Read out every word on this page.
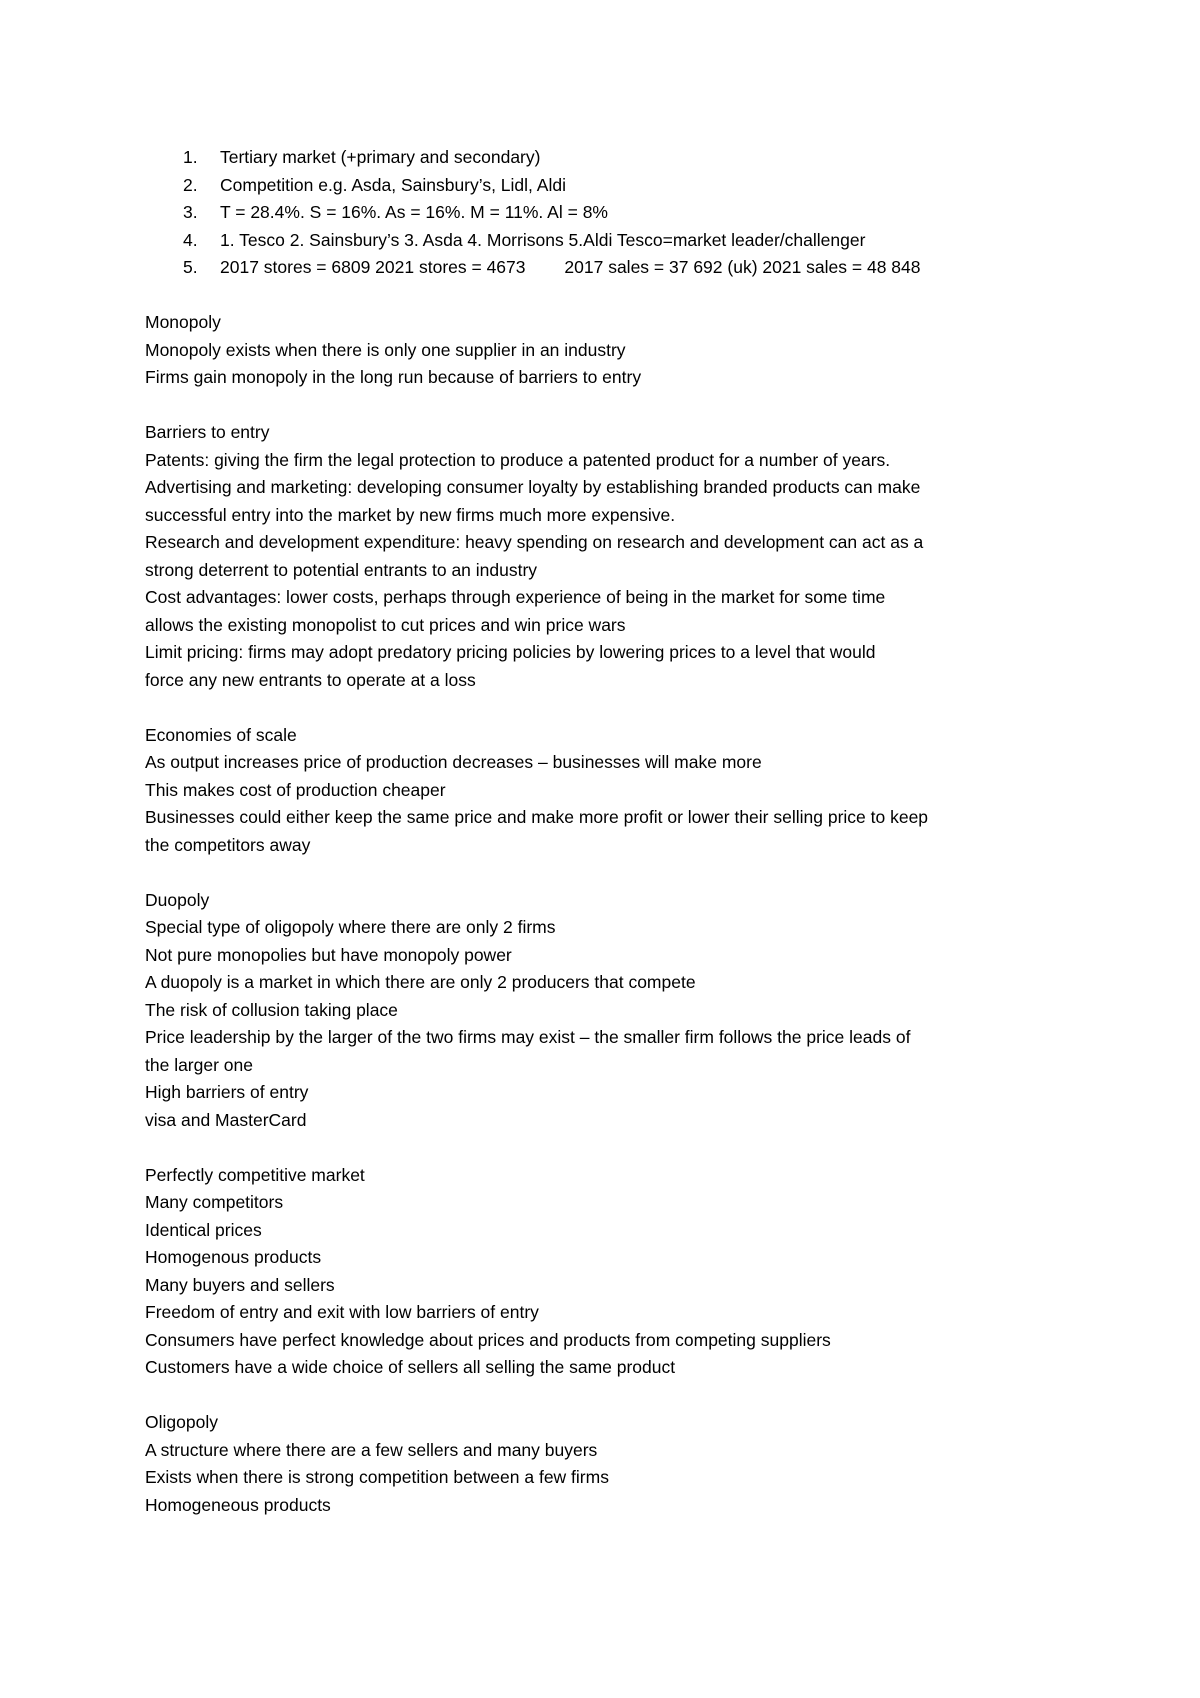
1.	Tertiary market (+primary and secondary)
2.	Competition e.g. Asda, Sainsbury’s, Lidl, Aldi
3.	T = 28.4%. S = 16%. As = 16%. M = 11%. Al = 8%
4.	1. Tesco 2. Sainsbury’s 3. Asda 4. Morrisons 5.Aldi Tesco=market leader/challenger
5.	2017 stores = 6809 2021 stores = 4673        2017 sales = 37 692 (uk) 2021 sales = 48 848
Monopoly
Monopoly exists when there is only one supplier in an industry
Firms gain monopoly in the long run because of barriers to entry
Barriers to entry
Patents: giving the firm the legal protection to produce a patented product for a number of years.
Advertising and marketing: developing consumer loyalty by establishing branded products can make
successful entry into the market by new firms much more expensive.
Research and development expenditure: heavy spending on research and development can act as a
strong deterrent to potential entrants to an industry
Cost advantages: lower costs, perhaps through experience of being in the market for some time
allows the existing monopolist to cut prices and win price wars
Limit pricing: firms may adopt predatory pricing policies by lowering prices to a level that would
force any new entrants to operate at a loss
Economies of scale
As output increases price of production decreases – businesses will make more
This makes cost of production cheaper
Businesses could either keep the same price and make more profit or lower their selling price to keep
the competitors away
Duopoly
Special type of oligopoly where there are only 2 firms
Not pure monopolies but have monopoly power
A duopoly is a market in which there are only 2 producers that compete
The risk of collusion taking place
Price leadership by the larger of the two firms may exist – the smaller firm follows the price leads of
the larger one
High barriers of entry
visa and MasterCard
Perfectly competitive market
Many competitors
Identical prices
Homogenous products
Many buyers and sellers
Freedom of entry and exit with low barriers of entry
Consumers have perfect knowledge about prices and products from competing suppliers
Customers have a wide choice of sellers all selling the same product
Oligopoly
A structure where there are a few sellers and many buyers
Exists when there is strong competition between a few firms
Homogeneous products
